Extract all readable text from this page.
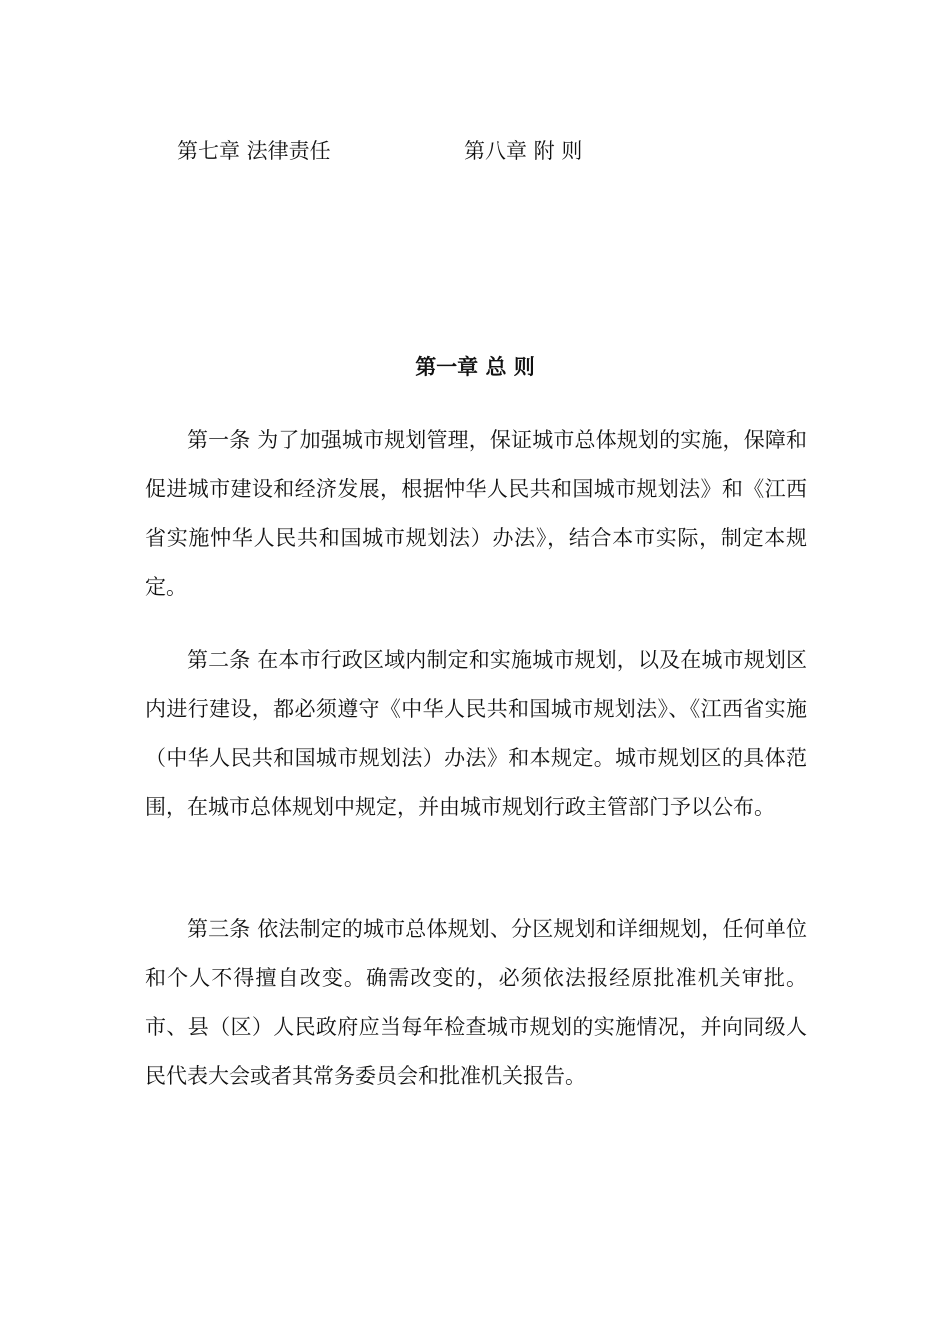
第七章 法律责任	第八章 附 则
第一章 总 则

第一条 为了加强城市规划管理，保证城市总体规划的实施，保障和促进城市建设和经济发展，根据忡华人民共和国城市规划法》和《江西省实施忡华人民共和国城市规划法）办法》，结合本市实际，制定本规定。

第二条 在本市行政区域内制定和实施城市规划，以及在城市规划区内进行建设，都必须遵守《中华人民共和国城市规划法》、《江西省实施（中华人民共和国城市规划法）办法》和本规定。城市规划区的具体范围，在城市总体规划中规定，并由城市规划行政主管部门予以公布。

第三条 依法制定的城市总体规划、分区规划和详细规划，任何单位和个人不得擅自改变。确需改变的，必须依法报经原批准机关审批。市、县（区）人民政府应当每年检查城市规划的实施情况，并向同级人民代表大会或者其常务委员会和批准机关报告。
